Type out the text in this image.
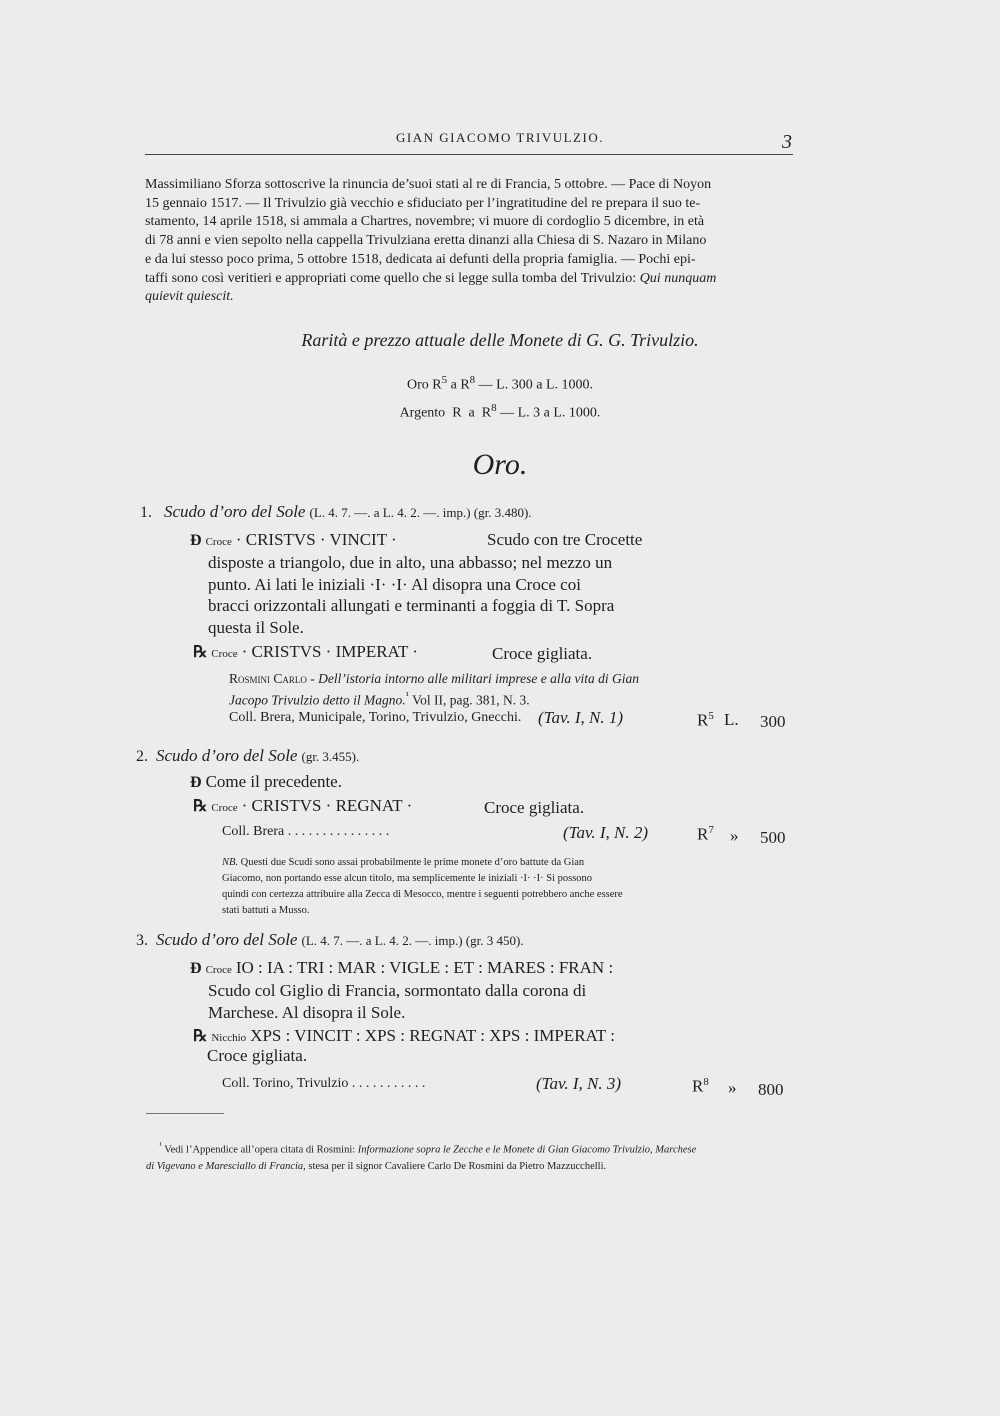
GIAN GIACOMO TRIVULZIO.	3

Massimiliano Sforza sottoscrive la rinuncia de’suoi stati al re di Francia, 5 ottobre. — Pace di Noyon

15 gennaio 1517. — Il Trivulzio già vecchio e sfiduciato per l’ingratitudine del re prepara il suo te-

stamento, 14 aprile 1518, si ammala a Chartres, novembre; vi muore di cordoglio 5 dicembre, in età

di 78 anni e vien sepolto nella cappella Trivulziana eretta dinanzi alla Chiesa di S. Nazaro in Milano

e da lui stesso poco prima, 5 ottobre 1518, dedicata ai defunti della propria famiglia. — Pochi epi-

taffi sono così veritieri e appropriati come quello che si legge sulla tomba del Trivulzio: Qui nunquam

quievit quiescit.

Rarità e prezzo attuale delle Monete di G. G. Trivulzio.
Oro $R^5$ a $R^8$ — L. 300 a L. 1000.
Argento R a $R^8$ — L. 3 a L. 1000.
Oro.
1. Scudo d’oro del Sole (L. 4. 7. —. a L. 4. 2. —. imp.) (gr. 3.480).
Ɖ Croce · CRISTVS · VINCIT ·	Scudo con tre Crocette
disposte a triangolo, due in alto, una abbasso; nel mezzo un
punto. Ai lati le iniziali ·I· ·I· Al disopra una Croce coi
bracci orizzontali allungati e terminanti a foggia di T. Sopra
questa il Sole.
℞ Croce · CRISTVS · IMPERAT ·	Croce gigliata.
Rosmini Carlo - Dell’istoria intorno alle militari imprese e alla vita di Gian
Jacopo Trivulzio detto il Magno.$^{^1}$ Vol II, pag. 381, N. 3.
Coll. Brera, Municipale, Torino, Trivulzio, Gnecchi. (Tav. I, N. 1)	$R^5$ L. 300
2. Scudo d’oro del Sole (gr. 3.455).
Ɖ Come il precedente.
℞ Croce · CRISTVS · REGNAT ·	Croce gigliata.
Coll. Brera . . . . . . . . . . . . . . .	(Tav. I, N. 2)	$R^7$ » 500
NB. Questi due Scudi sono assai probabilmente le prime monete d’oro battute da Gian
Giacomo, non portando esse alcun titolo, ma semplicemente le iniziali ·I· ·I· Si possono
quindi con certezza attribuire alla Zecca di Mesocco, mentre i seguenti potrebbero anche essere
stati battuti a Musso.
3. Scudo d’oro del Sole (L. 4. 7. —. a L. 4. 2. —. imp.) (gr. 3 450).
Ɖ Croce IO : IA : TRI : MAR : VIGLE : ET : MARES : FRAN :
Scudo col Giglio di Francia, sormontato dalla corona di
Marchese. Al disopra il Sole.
℞ Nicchio XPS : VINCIT : XPS : REGNAT : XPS : IMPERAT :
Croce gigliata.
Coll. Torino, Trivulzio . . . . . . . . . . .	(Tav. I, N. 3)	$R^8$ » 800
$^{^1}$ Vedi l’Appendice all’opera citata di Rosmini: Informazione sopra le Zecche e le Monete di Gian Giacomo Trivulzio, Marchese
di Vigevano e Maresciallo di Francia, stesa per il signor Cavaliere Carlo De Rosmini da Pietro Mazzucchelli.
